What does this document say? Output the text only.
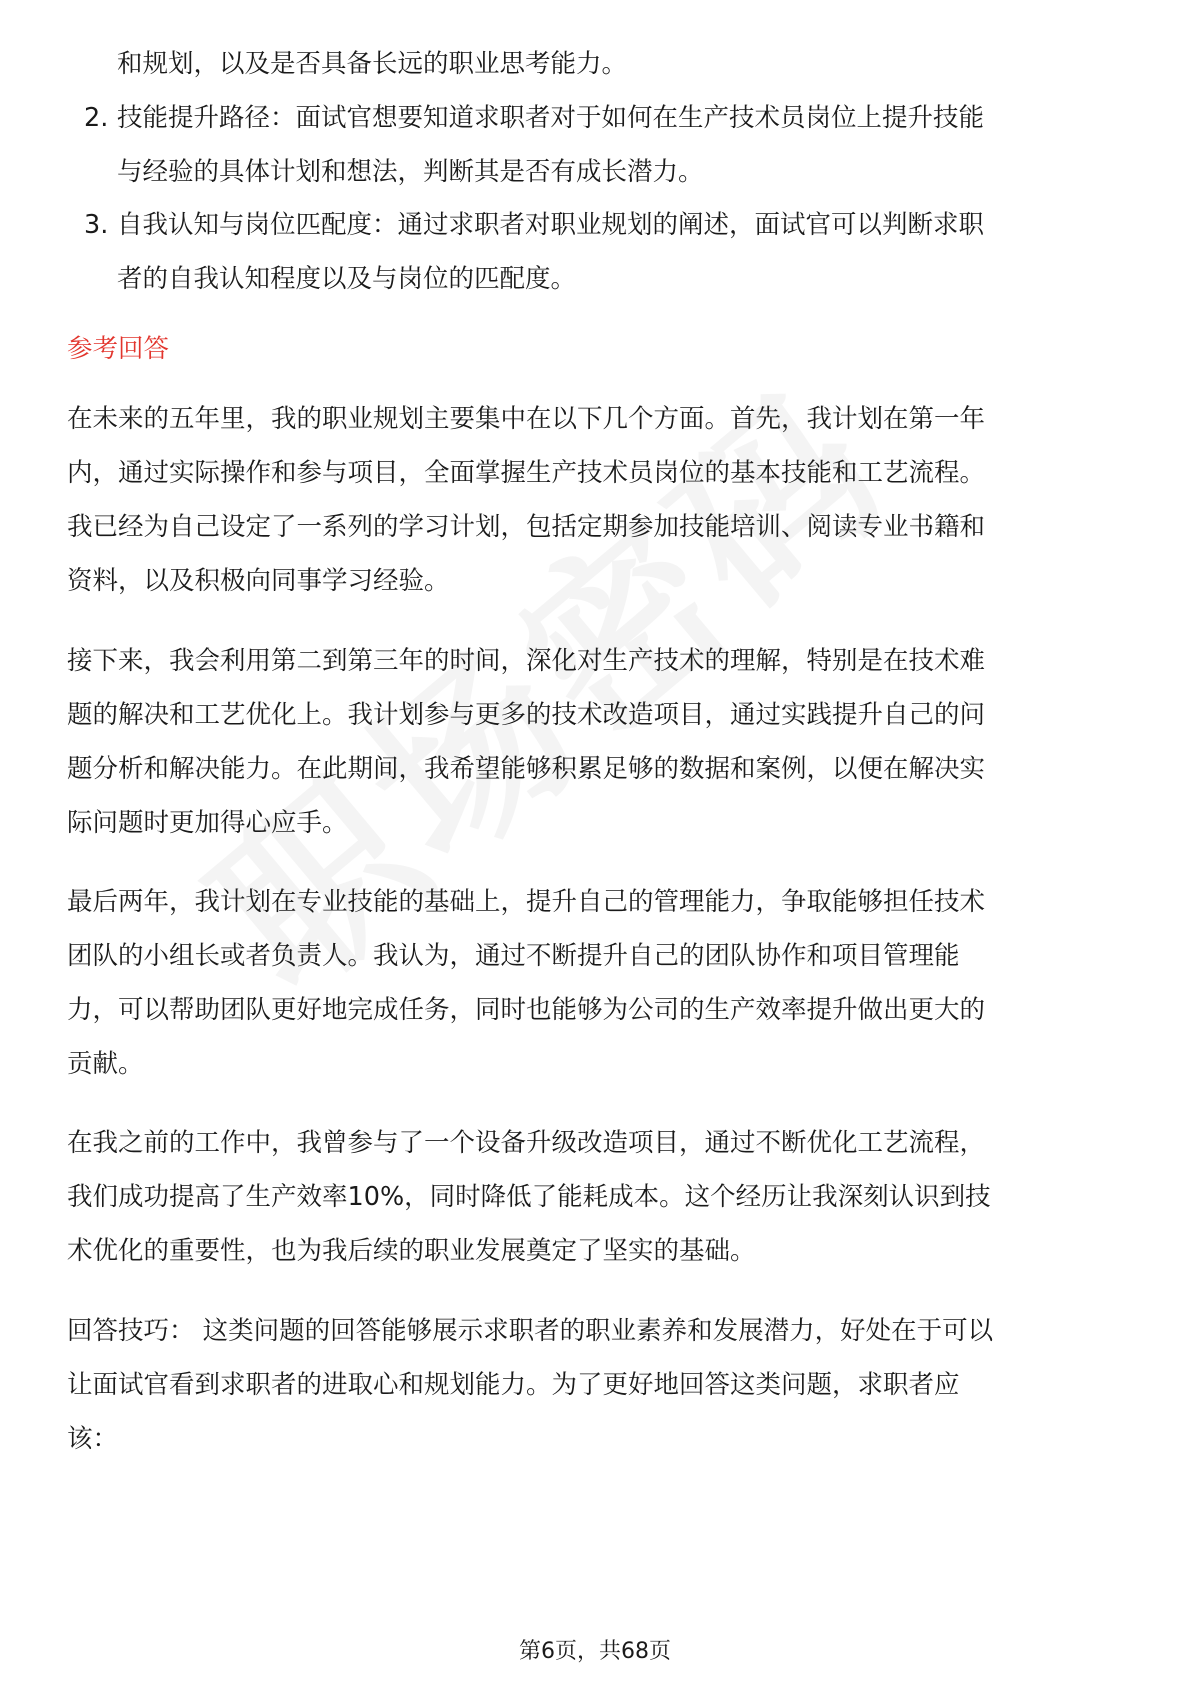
和规划，以及是否具备长远的职业思考能力。
2. 技能提升路径：面试官想要知道求职者对于如何在生产技术员岗位上提升技能
与经验的具体计划和想法，判断其是否有成长潜力。
3. 自我认知与岗位匹配度：通过求职者对职业规划的阐述，面试官可以判断求职
者的自我认知程度以及与岗位的匹配度。
参考回答
在未来的五年里，我的职业规划主要集中在以下几个方面。首先，我计划在第一年
内，通过实际操作和参与项目，全面掌握生产技术员岗位的基本技能和工艺流程。
我已经为自己设定了一系列的学习计划，包括定期参加技能培训、阅读专业书籍和
资料，以及积极向同事学习经验。
接下来，我会利用第二到第三年的时间，深化对生产技术的理解，特别是在技术难
题的解决和工艺优化上。我计划参与更多的技术改造项目，通过实践提升自己的问
题分析和解决能力。在此期间，我希望能够积累足够的数据和案例，以便在解决实
际问题时更加得心应手。
最后两年，我计划在专业技能的基础上，提升自己的管理能力，争取能够担任技术
团队的小组长或者负责人。我认为，通过不断提升自己的团队协作和项目管理能
力，可以帮助团队更好地完成任务，同时也能够为公司的生产效率提升做出更大的
贡献。
在我之前的工作中，我曾参与了一个设备升级改造项目，通过不断优化工艺流程，
我们成功提高了生产效率10%，同时降低了能耗成本。这个经历让我深刻认识到技
术优化的重要性，也为我后续的职业发展奠定了坚实的基础。
回答技巧： 这类问题的回答能够展示求职者的职业素养和发展潜力，好处在于可以
让面试官看到求职者的进取心和规划能力。为了更好地回答这类问题，求职者应
该：
第6页，共68页
